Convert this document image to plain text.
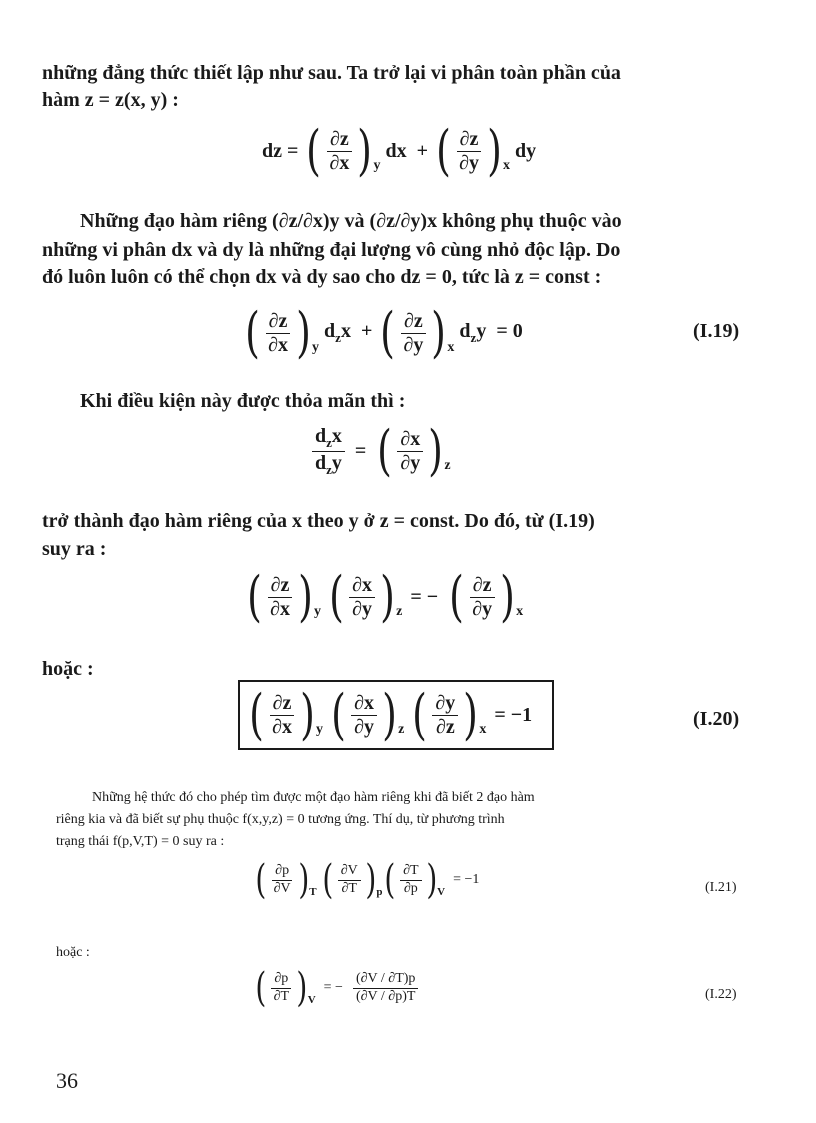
những đẳng thức thiết lập như sau. Ta trở lại vi phân toàn phần của

hàm z = z(x, y) :

dz = ( $\frac{\partial z}{\partial x}$ ) y
dx  + ( $\frac{\partial z}{\partial y}$ ) x
dy

Những đạo hàm riêng (∂z/∂x)y và (∂z/∂y)x không phụ thuộc vào

những vi phân dx và dy là những đại lượng vô cùng nhỏ độc lập. Do

đó luôn luôn có thể chọn dx và dy sao cho dz = 0, tức là z = const :

( $\frac{\partial z}{\partial x}$ ) y
$d_zx$  + ( $\frac{\partial z}{\partial y}$ ) x
$d_zy = 0$	(I.19)

Khi điều kiện này được thỏa mãn thì :

$\frac{d_zx}{d_zy}$ = ( $\frac{\partial x}{\partial y}$ ) z

trở thành đạo hàm riêng của x theo y ở z = const. Do đó, từ (I.19)

suy ra :

( $\frac{\partial z}{\partial x}$ ) y
( $\frac{\partial x}{\partial y}$ ) z
= − ( $\frac{\partial z}{\partial y}$ ) x

hoặc :

( $\frac{\partial z}{\partial x}$ ) y
( $\frac{\partial x}{\partial y}$ ) z
( $\frac{\partial y}{\partial z}$ ) x
= −1	(I.20)

Những hệ thức đó cho phép tìm được một đạo hàm riêng khi đã biết 2 đạo hàm

riêng kia và đã biết sự phụ thuộc f(x,y,z) = 0 tương ứng. Thí dụ, từ phương trình

trạng thái f(p,V,T) = 0 suy ra :

( $\frac{\partial p}{\partial V}$ ) T
( $\frac{\partial V}{\partial T}$ ) p ( $\frac{\partial T}{\partial p}$ ) V
= −1
(I.21)

hoặc :

( $\frac{\partial p}{\partial T}$ ) V
= − $\frac{(\partial V / \partial T)p}{(\partial V / \partial p)T}$	(I.22)
36
